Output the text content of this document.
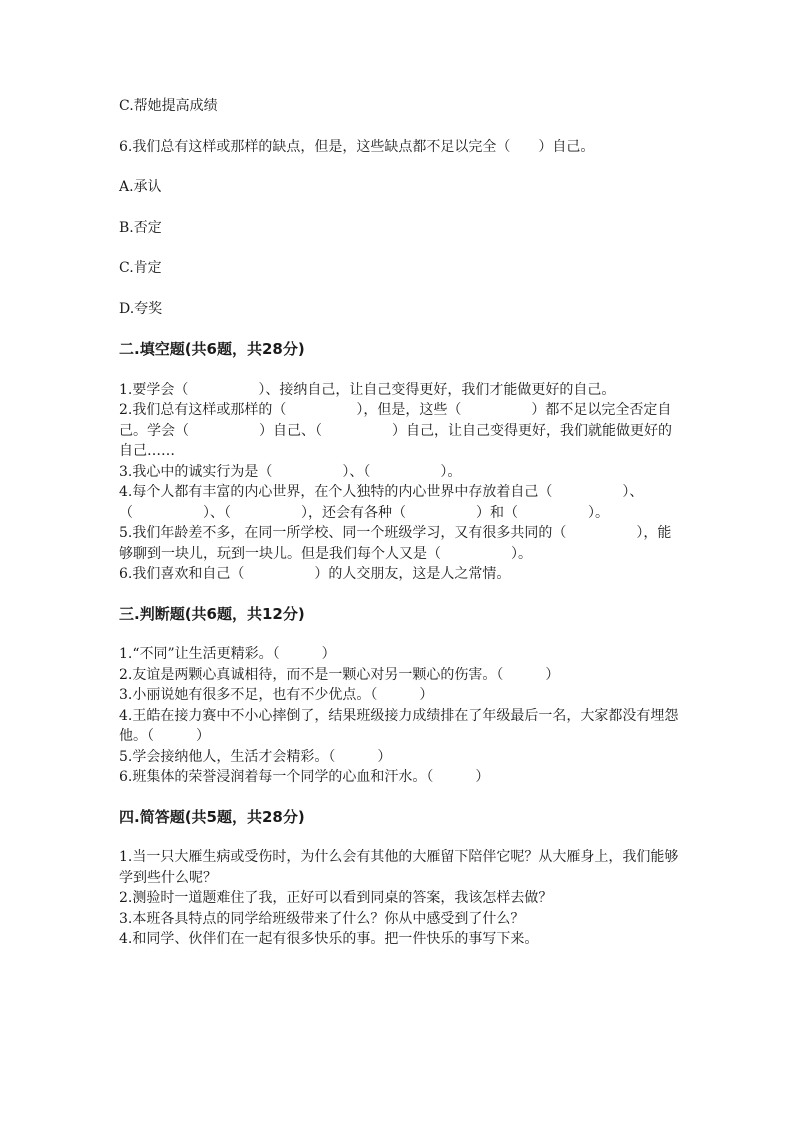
C.帮她提高成绩

6.我们总有这样或那样的缺点，但是，这些缺点都不足以完全（　　）自己。

A.承认

B.否定

C.肯定

D.夸奖

二.填空题(共6题，共28分)

1.要学会（　　　　　）、接纳自己，让自己变得更好，我们才能做更好的自己。

2.我们总有这样或那样的（　　　　　），但是，这些（　　　　　）都不足以完全否定自己。学会（　　　　　）自己、（　　　　　）自己，让自己变得更好，我们就能做更好的自己……

3.我心中的诚实行为是（　　　　　）、（　　　　　）。

4.每个人都有丰富的内心世界，在个人独特的内心世界中存放着自己（　　　　　）、（　　　　　）、（　　　　　），还会有各种（　　　　　）和（　　　　　）。

5.我们年龄差不多，在同一所学校、同一个班级学习，又有很多共同的（　　　　　），能够聊到一块儿，玩到一块儿。但是我们每个人又是（　　　　　）。

6.我们喜欢和自己（　　　　　）的人交朋友，这是人之常情。

三.判断题(共6题，共12分)

1.“不同”让生活更精彩。（　　　）

2.友谊是两颗心真诚相待，而不是一颗心对另一颗心的伤害。（　　　）

3.小丽说她有很多不足，也有不少优点。（　　　）

4.王皓在接力赛中不小心摔倒了，结果班级接力成绩排在了年级最后一名，大家都没有埋怨他。（　　　）

5.学会接纳他人，生活才会精彩。（　　　）

6.班集体的荣誉浸润着每一个同学的心血和汗水。（　　　）

四.简答题(共5题，共28分)

1.当一只大雁生病或受伤时，为什么会有其他的大雁留下陪伴它呢？从大雁身上，我们能够学到些什么呢？

2.测验时一道题难住了我，正好可以看到同桌的答案，我该怎样去做？

3.本班各具特点的同学给班级带来了什么？你从中感受到了什么？

4.和同学、伙伴们在一起有很多快乐的事。把一件快乐的事写下来。
